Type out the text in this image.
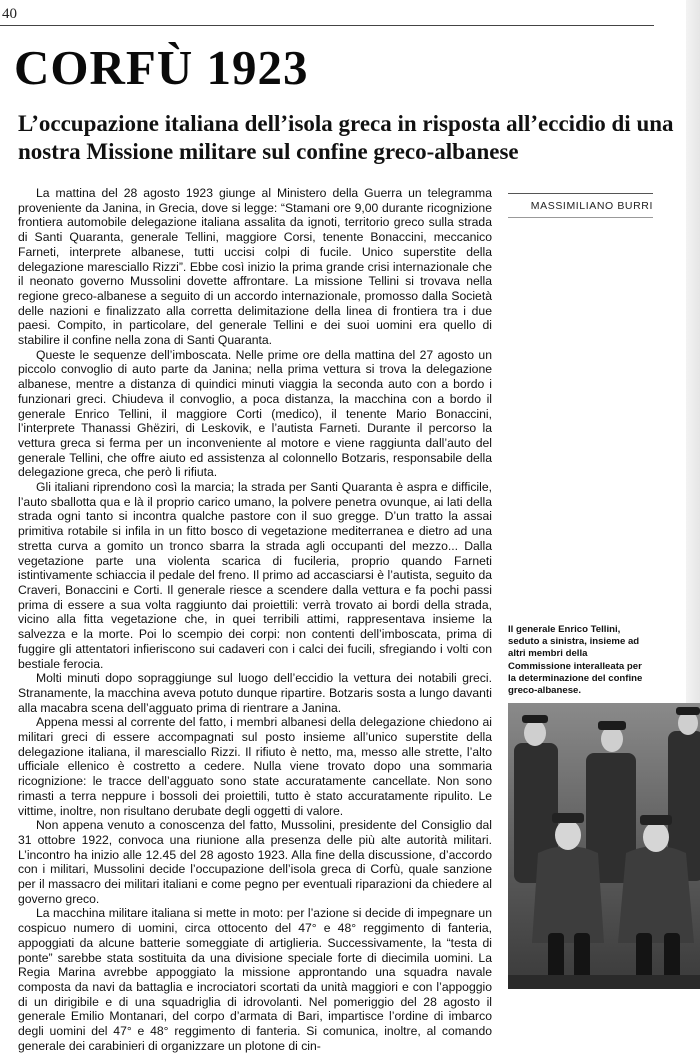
40
CORFÙ 1923
L’occupazione italiana dell’isola greca in risposta all’eccidio di una nostra Missione militare sul confine greco-albanese
MASSIMILIANO BURRI

La mattina del 28 agosto 1923 giunge al Ministero della Guerra un telegramma proveniente da Janina, in Grecia, dove si legge: “Stamani ore 9,00 durante ricognizione frontiera automobile delegazione italiana assalita da ignoti, territorio greco sulla strada di Santi Quaranta, generale Tellini, maggiore Corsi, tenente Bonaccini, meccanico Farneti, interprete albanese, tutti uccisi colpi di fucile. Unico superstite della delegazione maresciallo Rizzi”. Ebbe così inizio la prima grande crisi internazionale che il neonato governo Mussolini dovette affrontare. La missione Tellini si trovava nella regione greco-albanese a seguito di un accordo internazionale, promosso dalla Società delle nazioni e finalizzato alla corretta delimitazione della linea di frontiera tra i due paesi. Compito, in particolare, del generale Tellini e dei suoi uomini era quello di stabilire il confine nella zona di Santi Quaranta.

Queste le sequenze dell’imboscata. Nelle prime ore della mattina del 27 agosto un piccolo convoglio di auto parte da Janina; nella prima vettura si trova la delegazione albanese, mentre a distanza di quindici minuti viaggia la seconda auto con a bordo i funzionari greci. Chiudeva il convoglio, a poca distanza, la macchina con a bordo il generale Enrico Tellini, il maggiore Corti (medico), il tenente Mario Bonaccini, l’interprete Thanassi Ghëziri, di Leskovik, e l’autista Farneti. Durante il percorso la vettura greca si ferma per un inconveniente al motore e viene raggiunta dall’auto del generale Tellini, che offre aiuto ed assistenza al colonnello Botzaris, responsabile della delegazione greca, che però li rifiuta.

Gli italiani riprendono così la marcia; la strada per Santi Quaranta è aspra e difficile, l’auto sballotta qua e là il proprio carico umano, la polvere penetra ovunque, ai lati della strada ogni tanto si incontra qualche pastore con il suo gregge. D’un tratto la assai primitiva rotabile si infila in un fitto bosco di vegetazione mediterranea e dietro ad una stretta curva a gomito un tronco sbarra la strada agli occupanti del mezzo... Dalla vegetazione parte una violenta scarica di fucileria, proprio quando Farneti istintivamente schiaccia il pedale del freno. Il primo ad accasciarsi è l’autista, seguito da Craveri, Bonaccini e Corti. Il generale riesce a scendere dalla vettura e fa pochi passi prima di essere a sua volta raggiunto dai proiettili: verrà trovato ai bordi della strada, vicino alla fitta vegetazione che, in quei terribili attimi, rappresentava insieme la salvezza e la morte. Poi lo scempio dei corpi: non contenti dell’imboscata, prima di fuggire gli attentatori infieriscono sui cadaveri con i calci dei fucili, sfregiando i volti con bestiale ferocia.

Molti minuti dopo sopraggiunge sul luogo dell’eccidio la vettura dei notabili greci. Stranamente, la macchina aveva potuto dunque ripartire. Botzaris sosta a lungo davanti alla macabra scena dell’agguato prima di rientrare a Janina.

Appena messi al corrente del fatto, i membri albanesi della delegazione chiedono ai militari greci di essere accompagnati sul posto insieme all’unico superstite della delegazione italiana, il maresciallo Rizzi. Il rifiuto è netto, ma, messo alle strette, l’alto ufficiale ellenico è costretto a cedere. Nulla viene trovato dopo una sommaria ricognizione: le tracce dell’agguato sono state accuratamente cancellate. Non sono rimasti a terra neppure i bossoli dei proiettili, tutto è stato accuratamente ripulito. Le vittime, inoltre, non risultano derubate degli oggetti di valore.

Non appena venuto a conoscenza del fatto, Mussolini, presidente del Consiglio dal 31 ottobre 1922, convoca una riunione alla presenza delle più alte autorità militari. L’incontro ha inizio alle 12.45 del 28 agosto 1923. Alla fine della discussione, d’accordo con i militari, Mussolini decide l’occupazione dell’isola greca di Corfù, quale sanzione per il massacro dei militari italiani e come pegno per eventuali riparazioni da chiedere al governo greco.

La macchina militare italiana si mette in moto: per l’azione si decide di impegnare un cospicuo numero di uomini, circa ottocento del 47° e 48° reggimento di fanteria, appoggiati da alcune batterie someggiate di artiglieria. Successivamente, la “testa di ponte” sarebbe stata sostituita da una divisione speciale forte di diecimila uomini. La Regia Marina avrebbe appoggiato la missione approntando una squadra navale composta da navi da battaglia e incrociatori scortati da unità maggiori e con l’appoggio di un dirigibile e di una squadriglia di idrovolanti. Nel pomeriggio del 28 agosto il generale Emilio Montanari, del corpo d’armata di Bari, impartisce l’ordine di imbarco degli uomini del 47° e 48° reggimento di fanteria. Si comunica, inoltre, al comando generale dei carabinieri di organizzare un plotone di cin-

Il generale Enrico Tellini, seduto a sinistra, insieme ad altri membri della Commissione interalleata per la determinazione del confine greco-albanese.
